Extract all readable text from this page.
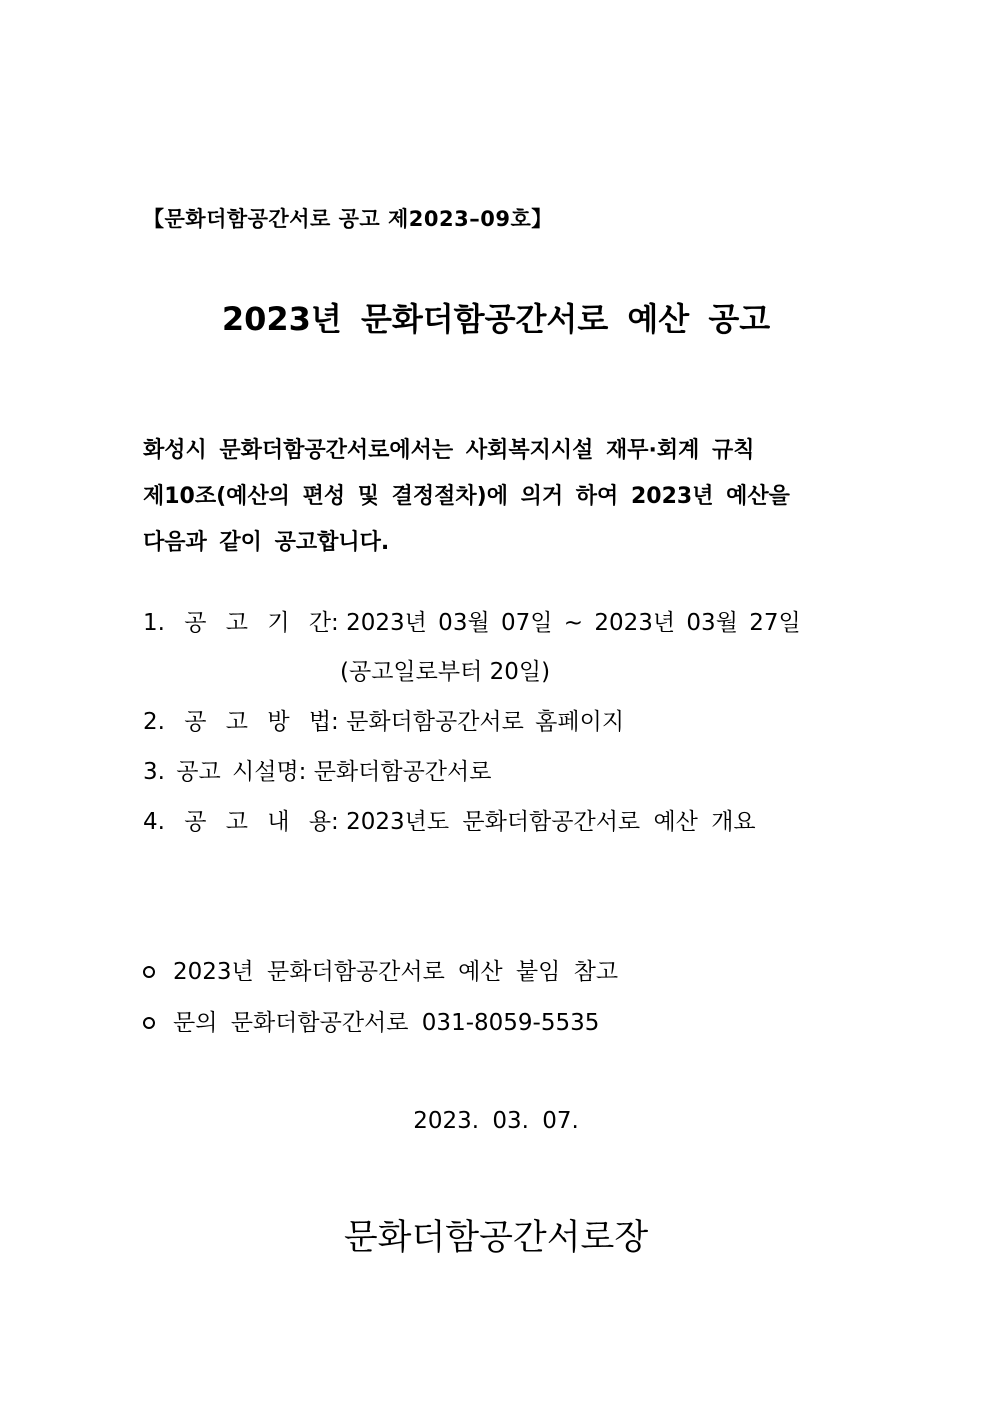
【문화더함공간서로 공고 제2023–09호】
2023년 문화더함공간서로 예산 공고
화성시 문화더함공간서로에서는 사회복지시설 재무·회계 규칙
제10조(예산의 편성 및 결정절차)에 의거 하여 2023년 예산을
다음과 같이 공고합니다.
1. 공 고 기 간: 2023년 03월 07일 ~ 2023년 03월 27일
(공고일로부터 20일)
2. 공 고 방 법: 문화더함공간서로 홈페이지
3. 공고 시설명: 문화더함공간서로
4. 공 고 내 용: 2023년도 문화더함공간서로 예산 개요
2023년 문화더함공간서로 예산 붙임 참고
문의 문화더함공간서로 031-8059-5535
2023. 03. 07.
문화더함공간서로장
